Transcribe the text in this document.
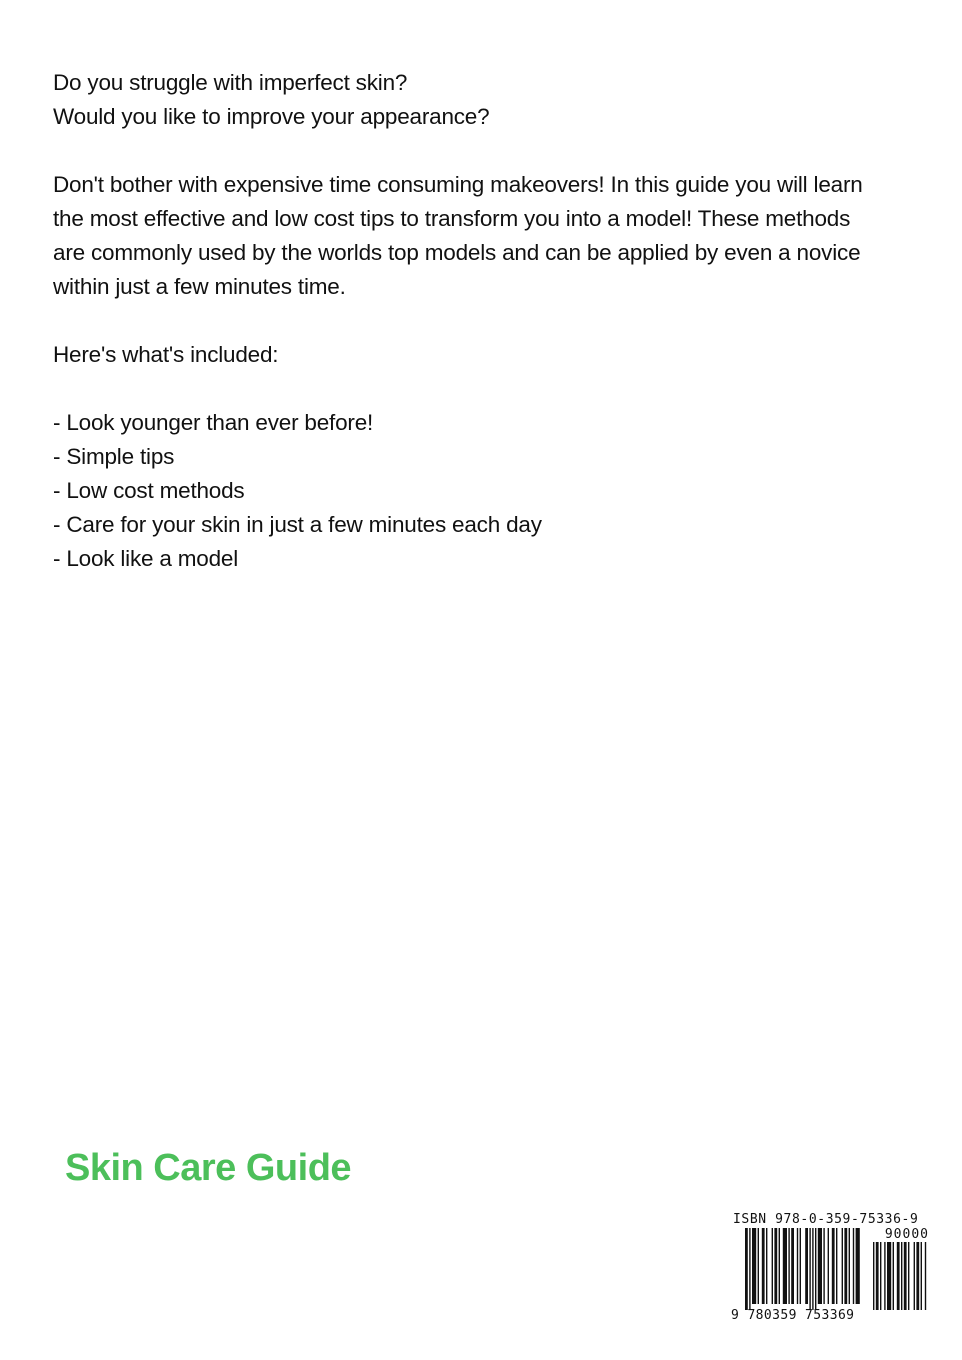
Do you struggle with imperfect skin?

Would you like to improve your appearance?

Don't bother with expensive time consuming makeovers! In this guide you will learn

the most effective and low cost tips to transform you into a model! These methods

are commonly used by the worlds top models and can be applied by even a novice

within just a few minutes time.

Here's what's included:

- Look younger than ever before!
- Simple tips
- Low cost methods
- Care for your skin in just a few minutes each day
- Look like a model
Skin Care Guide
ISBN 978-0-359-75336-9
90000
9 780359 753369
